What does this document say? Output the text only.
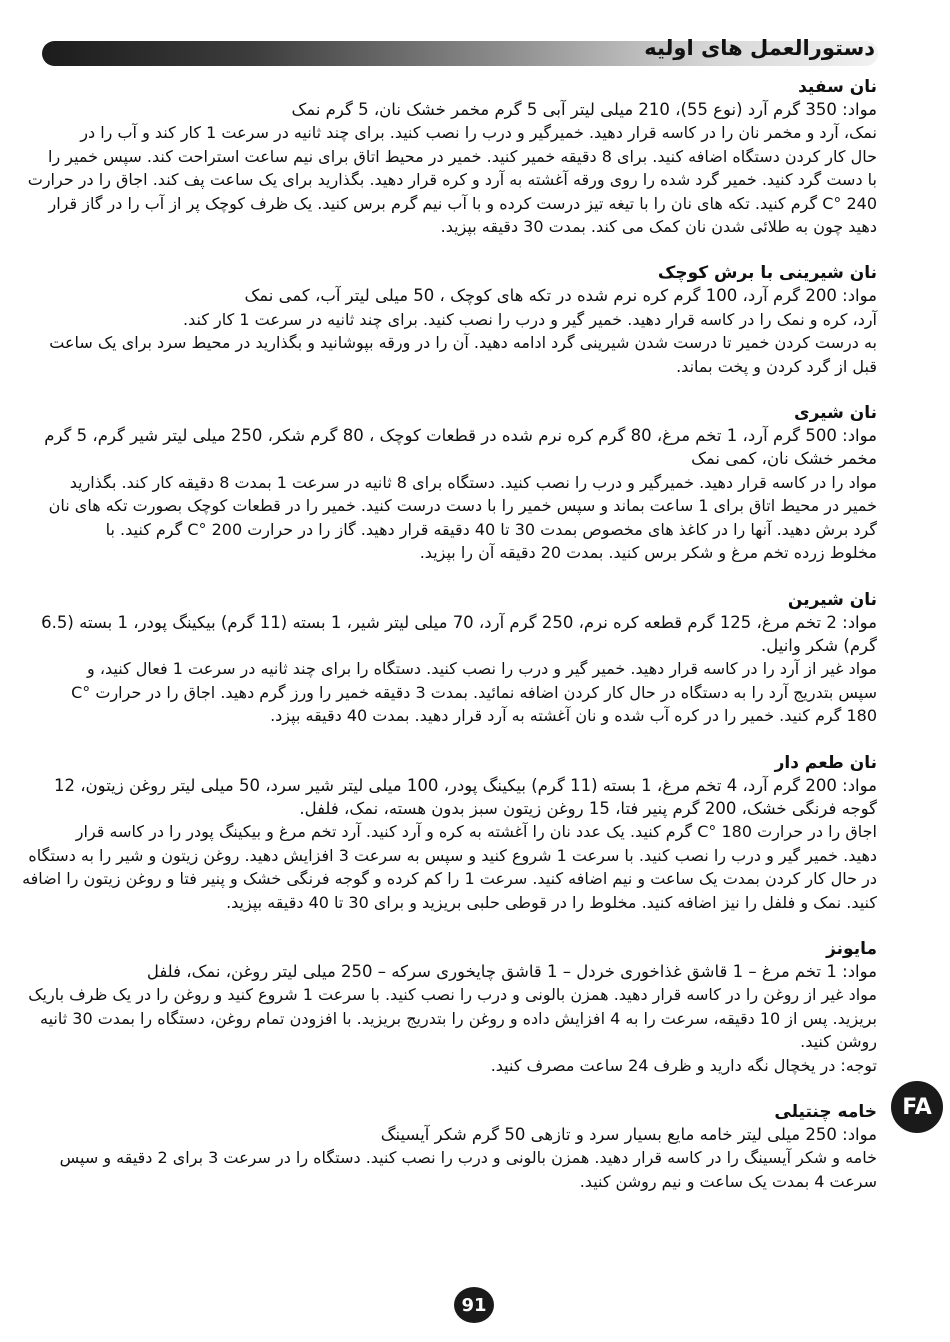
دستورالعمل های اولیه

نان سفید

مواد: 350 گرم آرد (نوع 55)، 210 میلی لیتر آبی 5 گرم مخمر خشک نان، 5 گرم نمک

نمک، آرد و مخمر نان را در کاسه قرار دهید. خمیرگیر و درب را نصب کنید. برای چند ثانیه در سرعت 1 کار کند و آب را در

حال کار کردن دستگاه اضافه کنید. برای 8 دقیقه خمیر کنید. خمیر در محیط اتاق برای نیم ساعت استراحت کند. سپس خمیر را

با دست گرد کنید. خمیر گرد شده را روی ورقه آغشته به آرد و کره قرار دهید. بگذارید برای یک ساعت پف کند. اجاق را در حرارت

240 °C گرم کنید. تکه های نان را با تیغه تیز درست کرده و با آب نیم گرم برس کنید. یک ظرف کوچک پر از آب را در گاز قرار

دهید چون به طلائی شدن نان کمک می کند. بمدت 30 دقیقه بپزید.

نان شیرینی با برش کوچک

مواد: 200 گرم آرد، 100 گرم کره نرم شده در تکه های کوچک ، 50 میلی لیتر آب، کمی نمک

آرد، کره و نمک را در کاسه قرار دهید. خمیر گیر و درب را نصب کنید. برای چند ثانیه در سرعت 1 کار کند.

به درست کردن خمیر تا درست شدن شیرینی گرد ادامه دهید. آن را در ورقه بپوشانید و بگذارید در محیط سرد برای یک ساعت

قبل از گرد کردن و پخت بماند.

نان شیری

مواد: 500 گرم آرد، 1 تخم مرغ، 80 گرم کره نرم شده در قطعات کوچک ، 80 گرم شکر، 250 میلی لیتر شیر گرم، 5 گرم

مخمر خشک نان، کمی نمک

مواد را در کاسه قرار دهید. خمیرگیر و درب را نصب کنید. دستگاه برای 8 ثانیه در سرعت 1 بمدت 8 دقیقه کار کند. بگذارید

خمیر در محیط اتاق برای 1 ساعت بماند و سپس خمیر را با دست درست کنید. خمیر را در قطعات کوچک بصورت تکه های نان

گرد برش دهید. آنها را در کاغذ های مخصوص بمدت 30 تا 40 دقیقه قرار دهید. گاز را در حرارت 200 °C گرم کنید. با

مخلوط زرده تخم مرغ و شکر برس کنید. بمدت 20 دقیقه آن را بپزید.

نان شیرین

مواد: 2 تخم مرغ، 125 گرم قطعه کره نرم، 250 گرم آرد، 70 میلی لیتر شیر، 1 بسته (11 گرم) بیکینگ پودر، 1 بسته (6.5

گرم) شکر وانیل.

مواد غیر از آرد را در کاسه قرار دهید. خمیر گیر و درب را نصب کنید. دستگاه را برای چند ثانیه در سرعت 1 فعال کنید، و

سپس بتدریج آرد را به دستگاه در حال کار کردن اضافه نمائید. بمدت 3 دقیقه خمیر را ورز گرم دهید. اجاق را در حرارت °C

180 گرم کنید. خمیر را در کره آب شده و نان آغشته به آرد قرار دهید. بمدت 40 دقیقه بپزد.

نان طعم دار

مواد: 200 گرم آرد، 4 تخم مرغ، 1 بسته (11 گرم) بیکینگ پودر، 100 میلی لیتر شیر سرد، 50 میلی لیتر روغن زیتون، 12

گوجه فرنگی خشک، 200 گرم پنیر فتا، 15 روغن زیتون سبز بدون هسته، نمک، فلفل.

اجاق را در حرارت 180 °C گرم کنید. یک عدد نان را آغشته به کره و آرد کنید. آرد تخم مرغ و بیکینگ پودر را در کاسه قرار

دهید. خمیر گیر و درب را نصب کنید. با سرعت 1 شروع کنید و سپس به سرعت 3 افزایش دهید. روغن زیتون و شیر را به دستگاه

در حال کار کردن بمدت یک ساعت و نیم اضافه کنید. سرعت 1 را کم کرده و گوجه فرنگی خشک و پنیر فتا و روغن زیتون را اضافه

کنید. نمک و فلفل را نیز اضافه کنید. مخلوط را در قوطی حلبی بریزید و برای 30 تا 40 دقیقه بپزید.

مایونز

مواد: 1 تخم مرغ – 1 قاشق غذاخوری خردل – 1 قاشق چایخوری سرکه – 250 میلی لیتر روغن، نمک، فلفل

مواد غیر از روغن را در کاسه قرار دهید. همزن بالونی و درب را نصب کنید. با سرعت 1 شروع کنید و روغن را در یک ظرف باریک

بریزید. پس از 10 دقیقه، سرعت را به 4 افزایش داده و روغن را بتدریج بریزید. با افزودن تمام روغن، دستگاه را بمدت 30 ثانیه

روشن کنید.

توجه: در یخچال نگه دارید و ظرف 24 ساعت مصرف کنید.

خامه چنتیلی

مواد: 250 میلی لیتر خامه مایع بسیار سرد و تازهی 50 گرم شکر آیسینگ

خامه و شکر آیسینگ را در کاسه قرار دهید. همزن بالونی و درب را نصب کنید. دستگاه را در سرعت 3 برای 2 دقیقه و سپس

سرعت 4 بمدت یک ساعت و نیم روشن کنید.

FA
91
